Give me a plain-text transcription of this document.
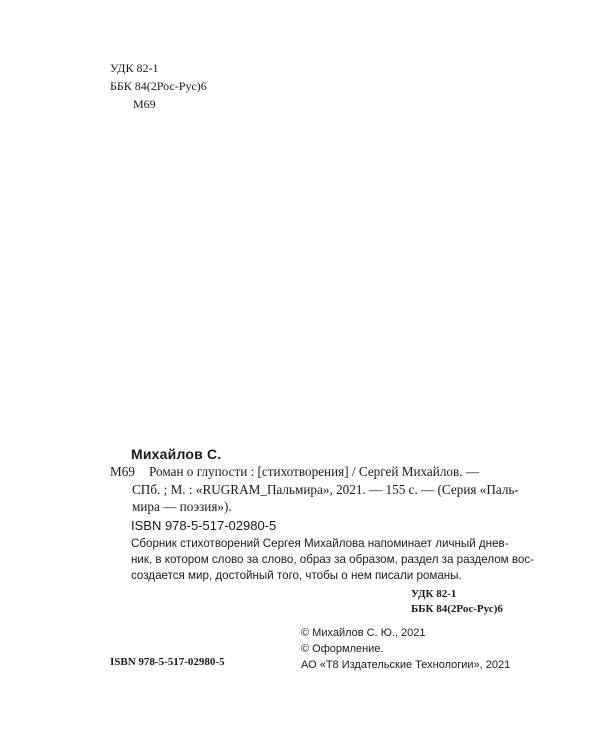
УДК 82-1
ББК 84(2Рос-Рус)6
М69
Михайлов С.
М69 Роман о глупости : [стихотворения] / Сергей Михайлов. —
СПб. ; М. : «RUGRAM_Пальмира», 2021. — 155 с. — (Серия «Паль-
мира — поэзия»).
ISBN 978-5-517-02980-5
Сборник стихотворений Сергея Михайлова напоминает личный днев-
ник, в котором слово за слово, образ за образом, раздел за разделом вос-
создается мир, достойный того, чтобы о нем писали романы.
УДК 82-1
ББК 84(2Рос-Рус)6
© Михайлов С. Ю., 2021
© Оформление.
АО «Т8 Издательские Технологии», 2021
ISBN 978-5-517-02980-5
